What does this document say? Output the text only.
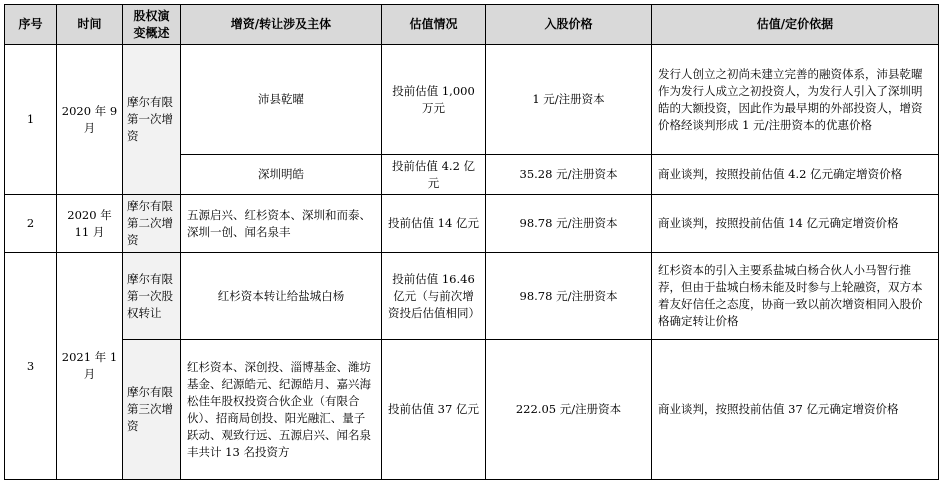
序号	时间	股权演变概述	增资/转让涉及主体	估值情况	入股价格	估值/定价依据
1	2020 年 9 月	摩尔有限第一次增资	沛县乾曜	投前估值 1,000 万元	1 元/注册资本	发行人创立之初尚未建立完善的融资体系，沛县乾曜作为发行人成立之初投资人，为发行人引入了深圳明皓的大额投资，因此作为最早期的外部投资人，增资价格经谈判形成 1 元/注册资本的优惠价格
			深圳明皓	投前估值 4.2 亿元	35.28 元/注册资本	商业谈判，按照投前估值 4.2 亿元确定增资价格
2	2020 年 11 月	摩尔有限第二次增资	五源启兴、红杉资本、深圳和而泰、深圳一创、闻名泉丰	投前估值 14 亿元	98.78 元/注册资本	商业谈判，按照投前估值 14 亿元确定增资价格
3	2021 年 1 月	摩尔有限第一次股权转让	红杉资本转让给盐城白杨	投前估值 16.46 亿元（与前次增资投后估值相同）	98.78 元/注册资本	红杉资本的引入主要系盐城白杨合伙人小马智行推荐，但由于盐城白杨未能及时参与上轮融资，双方本着友好信任之态度，协商一致以前次增资相同入股价格确定转让价格
		摩尔有限第三次增资	红杉资本、深创投、淄博基金、潍坊基金、纪源皓元、纪源皓月、嘉兴海松佳年股权投资合伙企业（有限合伙）、招商局创投、阳光融汇、量子跃动、观致行远、五源启兴、闻名泉丰共计 13 名投资方	投前估值 37 亿元	222.05 元/注册资本	商业谈判，按照投前估值 37 亿元确定增资价格
